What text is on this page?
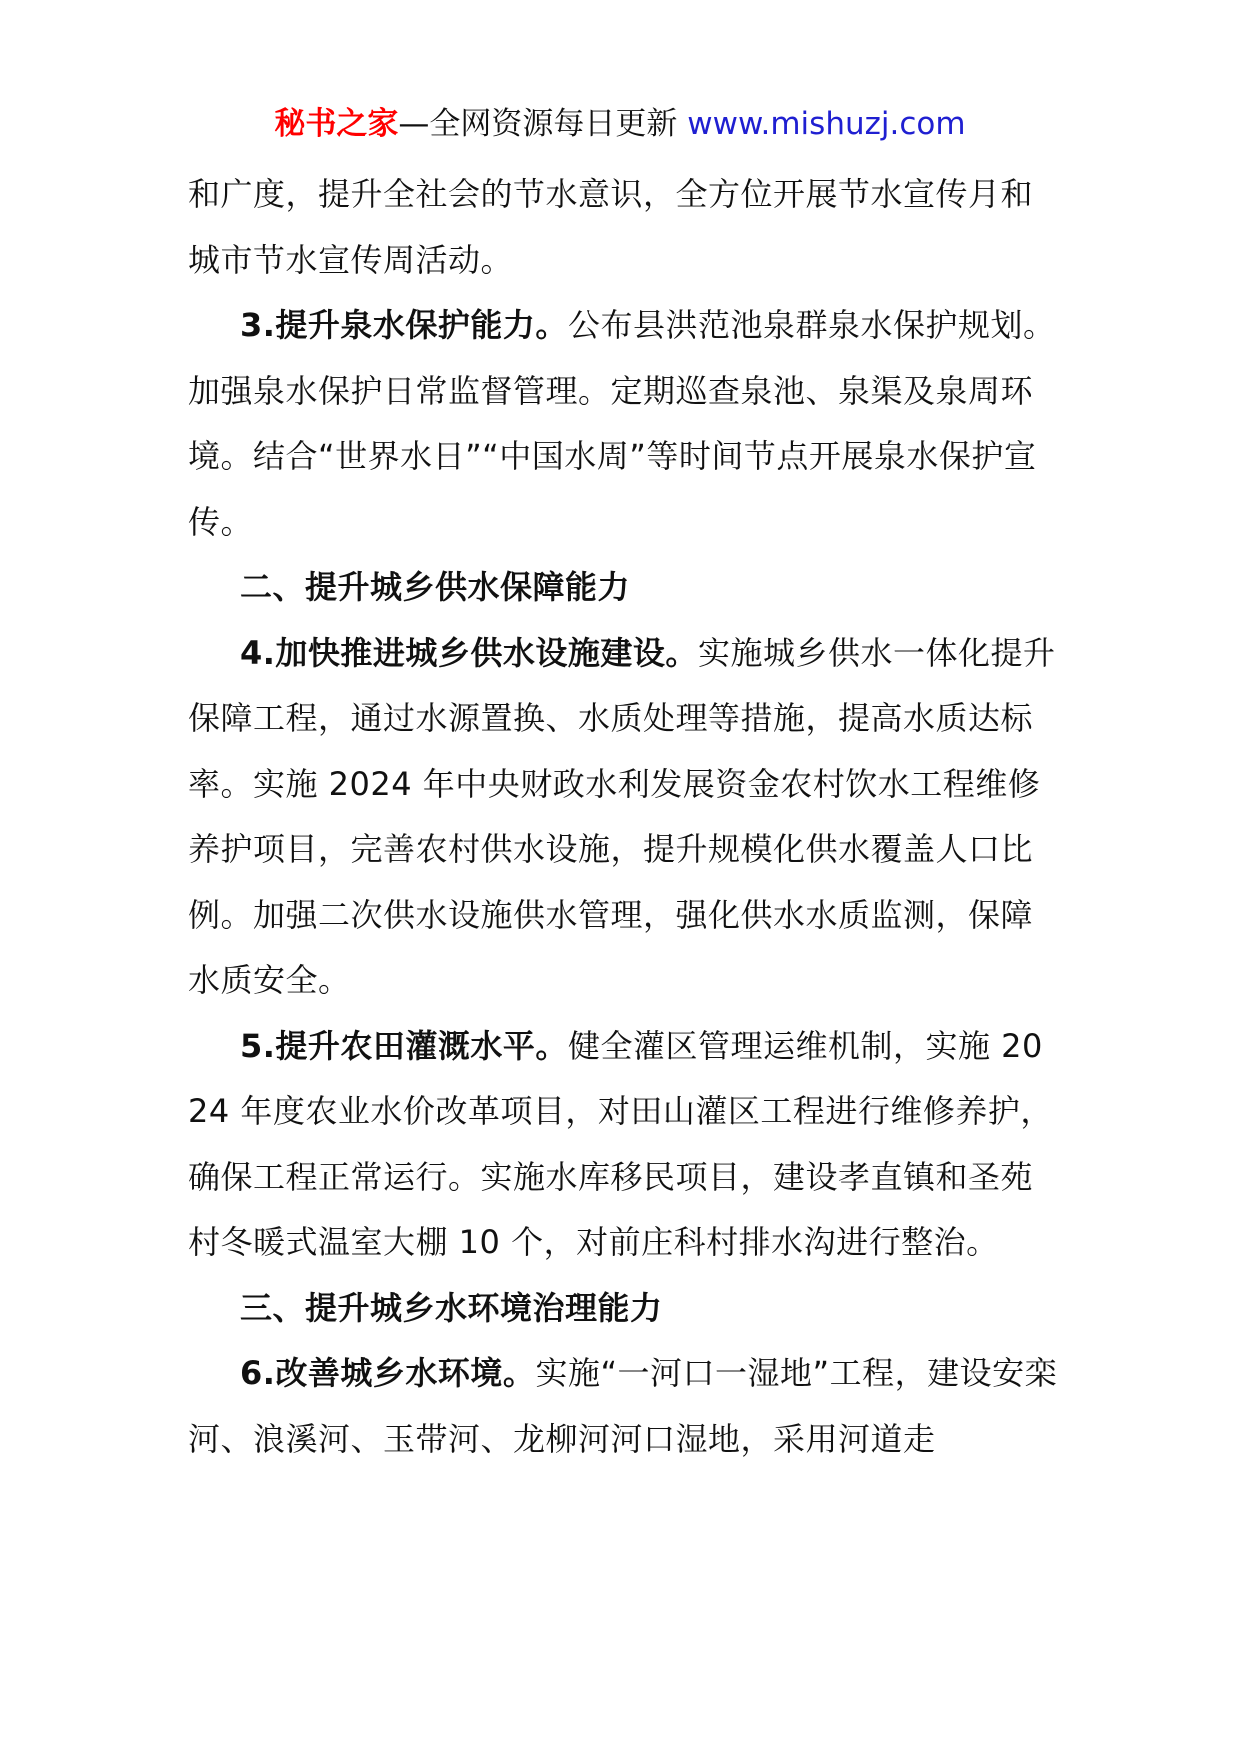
秘书之家—全网资源每日更新 www.mishuzj.com

和广度，提升全社会的节水意识，全方位开展节水宣传月和城市节水宣传周活动。

3.提升泉水保护能力。公布县洪范池泉群泉水保护规划。加强泉水保护日常监督管理。定期巡查泉池、泉渠及泉周环境。结合“世界水日”“中国水周”等时间节点开展泉水保护宣传。

二、提升城乡供水保障能力

4.加快推进城乡供水设施建设。实施城乡供水一体化提升保障工程，通过水源置换、水质处理等措施，提高水质达标率。实施 2024 年中央财政水利发展资金农村饮水工程维修养护项目，完善农村供水设施，提升规模化供水覆盖人口比例。加强二次供水设施供水管理，强化供水水质监测，保障水质安全。

5.提升农田灌溉水平。健全灌区管理运维机制，实施 2024 年度农业水价改革项目，对田山灌区工程进行维修养护，确保工程正常运行。实施水库移民项目，建设孝直镇和圣苑村冬暖式温室大棚 10 个，对前庄科村排水沟进行整治。

三、提升城乡水环境治理能力

6.改善城乡水环境。实施“一河口一湿地”工程，建设安栾河、浪溪河、玉带河、龙柳河河口湿地，采用河道走
